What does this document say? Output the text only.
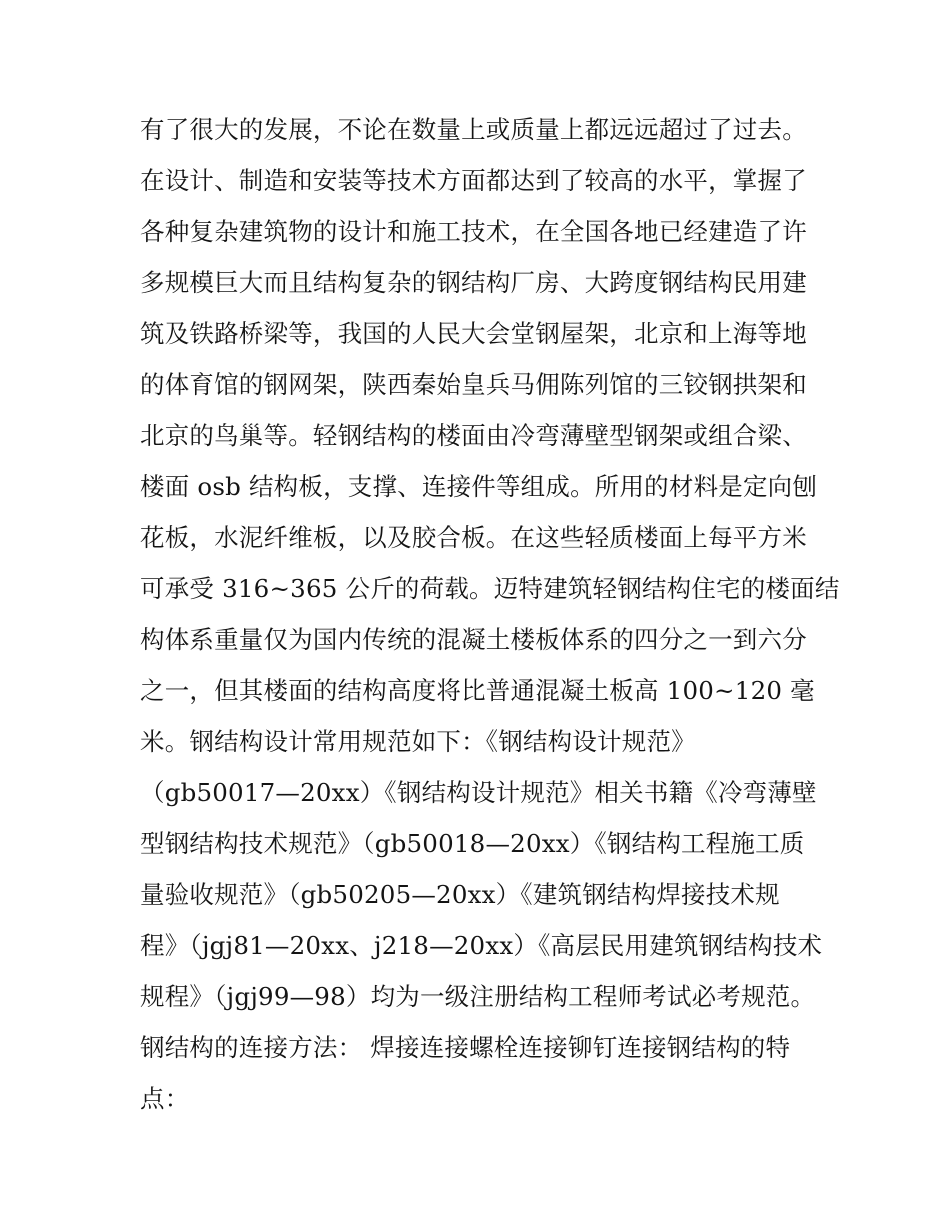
有了很大的发展，不论在数量上或质量上都远远超过了过去。
在设计、制造和安装等技术方面都达到了较高的水平，掌握了
各种复杂建筑物的设计和施工技术，在全国各地已经建造了许
多规模巨大而且结构复杂的钢结构厂房、大跨度钢结构民用建
筑及铁路桥梁等，我国的人民大会堂钢屋架，北京和上海等地
的体育馆的钢网架，陕西秦始皇兵马佣陈列馆的三铰钢拱架和
北京的鸟巢等。轻钢结构的楼面由冷弯薄壁型钢架或组合梁、
楼面 osb 结构板，支撑、连接件等组成。所用的材料是定向刨
花板，水泥纤维板，以及胶合板。在这些轻质楼面上每平方米
可承受 316~365 公斤的荷载。迈特建筑轻钢结构住宅的楼面结
构体系重量仅为国内传统的混凝土楼板体系的四分之一到六分
之一，但其楼面的结构高度将比普通混凝土板高 100~120 毫
米。钢结构设计常用规范如下：《钢结构设计规范》
（gb50017—20xx）《钢结构设计规范》相关书籍《冷弯薄壁
型钢结构技术规范》（gb50018—20xx）《钢结构工程施工质
量验收规范》（gb50205—20xx）《建筑钢结构焊接技术规
程》（jgj81—20xx、j218—20xx）《高层民用建筑钢结构技术
规程》（jgj99—98）均为一级注册结构工程师考试必考规范。
钢结构的连接方法： 焊接连接螺栓连接铆钉连接钢结构的特
点：
